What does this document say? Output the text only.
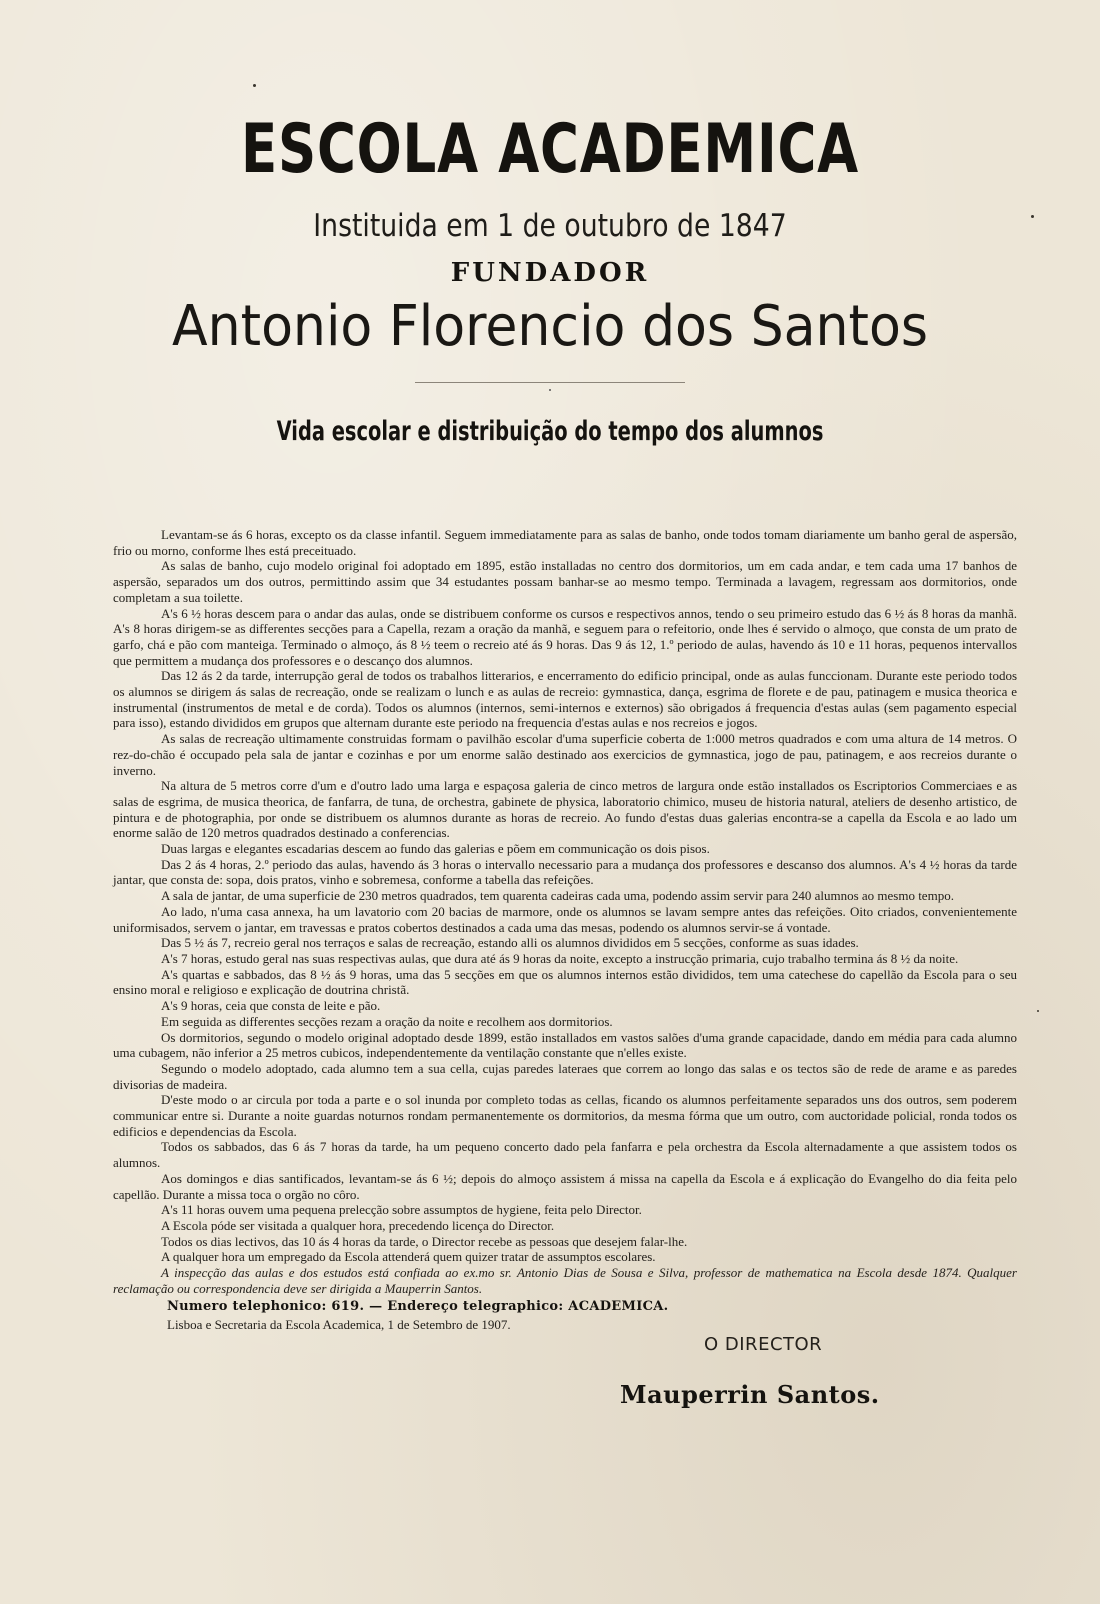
ESCOLA ACADEMICA
Instituida em 1 de outubro de 1847
FUNDADOR
Antonio Florencio dos Santos
Vida escolar e distribuição do tempo dos alumnos

Levantam-se ás 6 horas, excepto os da classe infantil. Seguem immediatamente para as salas de banho, onde todos tomam diariamente um banho geral de aspersão, frio ou morno, conforme lhes está preceituado.

As salas de banho, cujo modelo original foi adoptado em 1895, estão installadas no centro dos dormitorios, um em cada andar, e tem cada uma 17 banhos de aspersão, separados um dos outros, permittindo assim que 34 estudantes possam banhar-se ao mesmo tempo. Terminada a lavagem, regressam aos dormitorios, onde completam a sua toilette.

A's 6 ½ horas descem para o andar das aulas, onde se distribuem conforme os cursos e respectivos annos, tendo o seu primeiro estudo das 6 ½ ás 8 horas da manhã. A's 8 horas dirigem-se as differentes secções para a Capella, rezam a oração da manhã, e seguem para o refeitorio, onde lhes é servido o almoço, que consta de um prato de garfo, chá e pão com manteiga. Terminado o almoço, ás 8 ½ teem o recreio até ás 9 horas. Das 9 ás 12, 1.º periodo de aulas, havendo ás 10 e 11 horas, pequenos intervallos que permittem a mudança dos professores e o descanço dos alumnos.

Das 12 ás 2 da tarde, interrupção geral de todos os trabalhos litterarios, e encerramento do edificio principal, onde as aulas funccionam. Durante este periodo todos os alumnos se dirigem ás salas de recreação, onde se realizam o lunch e as aulas de recreio: gymnastica, dança, esgrima de florete e de pau, patinagem e musica theorica e instrumental (instrumentos de metal e de corda). Todos os alumnos (internos, semi-internos e externos) são obrigados á frequencia d'estas aulas (sem pagamento especial para isso), estando divididos em grupos que alternam durante este periodo na frequencia d'estas aulas e nos recreios e jogos.

As salas de recreação ultimamente construidas formam o pavilhão escolar d'uma superficie coberta de 1:000 metros quadrados e com uma altura de 14 metros. O rez-do-chão é occupado pela sala de jantar e cozinhas e por um enorme salão destinado aos exercicios de gymnastica, jogo de pau, patinagem, e aos recreios durante o inverno.

Na altura de 5 metros corre d'um e d'outro lado uma larga e espaçosa galeria de cinco metros de largura onde estão installados os Escriptorios Commerciaes e as salas de esgrima, de musica theorica, de fanfarra, de tuna, de orchestra, gabinete de physica, laboratorio chimico, museu de historia natural, ateliers de desenho artistico, de pintura e de photographia, por onde se distribuem os alumnos durante as horas de recreio. Ao fundo d'estas duas galerias encontra-se a capella da Escola e ao lado um enorme salão de 120 metros quadrados destinado a conferencias.

Duas largas e elegantes escadarias descem ao fundo das galerias e põem em communicação os dois pisos.

Das 2 ás 4 horas, 2.º periodo das aulas, havendo ás 3 horas o intervallo necessario para a mudança dos professores e descanso dos alumnos. A's 4 ½ horas da tarde jantar, que consta de: sopa, dois pratos, vinho e sobremesa, conforme a tabella das refeições.

A sala de jantar, de uma superficie de 230 metros quadrados, tem quarenta cadeiras cada uma, podendo assim servir para 240 alumnos ao mesmo tempo.

Ao lado, n'uma casa annexa, ha um lavatorio com 20 bacias de marmore, onde os alumnos se lavam sempre antes das refeições. Oito criados, convenientemente uniformisados, servem o jantar, em travessas e pratos cobertos destinados a cada uma das mesas, podendo os alumnos servir-se á vontade.

Das 5 ½ ás 7, recreio geral nos terraços e salas de recreação, estando alli os alumnos divididos em 5 secções, conforme as suas idades.

A's 7 horas, estudo geral nas suas respectivas aulas, que dura até ás 9 horas da noite, excepto a instrucção primaria, cujo trabalho termina ás 8 ½ da noite.

A's quartas e sabbados, das 8 ½ ás 9 horas, uma das 5 secções em que os alumnos internos estão divididos, tem uma catechese do capellão da Escola para o seu ensino moral e religioso e explicação de doutrina christã.

A's 9 horas, ceia que consta de leite e pão.

Em seguida as differentes secções rezam a oração da noite e recolhem aos dormitorios.

Os dormitorios, segundo o modelo original adoptado desde 1899, estão installados em vastos salões d'uma grande capacidade, dando em média para cada alumno uma cubagem, não inferior a 25 metros cubicos, independentemente da ventilação constante que n'elles existe.

Segundo o modelo adoptado, cada alumno tem a sua cella, cujas paredes lateraes que correm ao longo das salas e os tectos são de rede de arame e as paredes divisorias de madeira.

D'este modo o ar circula por toda a parte e o sol inunda por completo todas as cellas, ficando os alumnos perfeitamente separados uns dos outros, sem poderem communicar entre si. Durante a noite guardas noturnos rondam permanentemente os dormitorios, da mesma fórma que um outro, com auctoridade policial, ronda todos os edificios e dependencias da Escola.

Todos os sabbados, das 6 ás 7 horas da tarde, ha um pequeno concerto dado pela fanfarra e pela orchestra da Escola alternadamente a que assistem todos os alumnos.

Aos domingos e dias santificados, levantam-se ás 6 ½; depois do almoço assistem á missa na capella da Escola e á explicação do Evangelho do dia feita pelo capellão. Durante a missa toca o orgão no côro.

A's 11 horas ouvem uma pequena prelecção sobre assumptos de hygiene, feita pelo Director.

A Escola póde ser visitada a qualquer hora, precedendo licença do Director.

Todos os dias lectivos, das 10 ás 4 horas da tarde, o Director recebe as pessoas que desejem falar-lhe.

A qualquer hora um empregado da Escola attenderá quem quizer tratar de assumptos escolares.

A inspecção das aulas e dos estudos está confiada ao ex.mo sr. Antonio Dias de Sousa e Silva, professor de mathematica na Escola desde 1874. Qualquer reclamação ou correspondencia deve ser dirigida a Mauperrin Santos.

Numero telephonico: 619. — Endereço telegraphico: ACADEMICA.
Lisboa e Secretaria da Escola Academica, 1 de Setembro de 1907.
O DIRECTOR
Mauperrin Santos.
